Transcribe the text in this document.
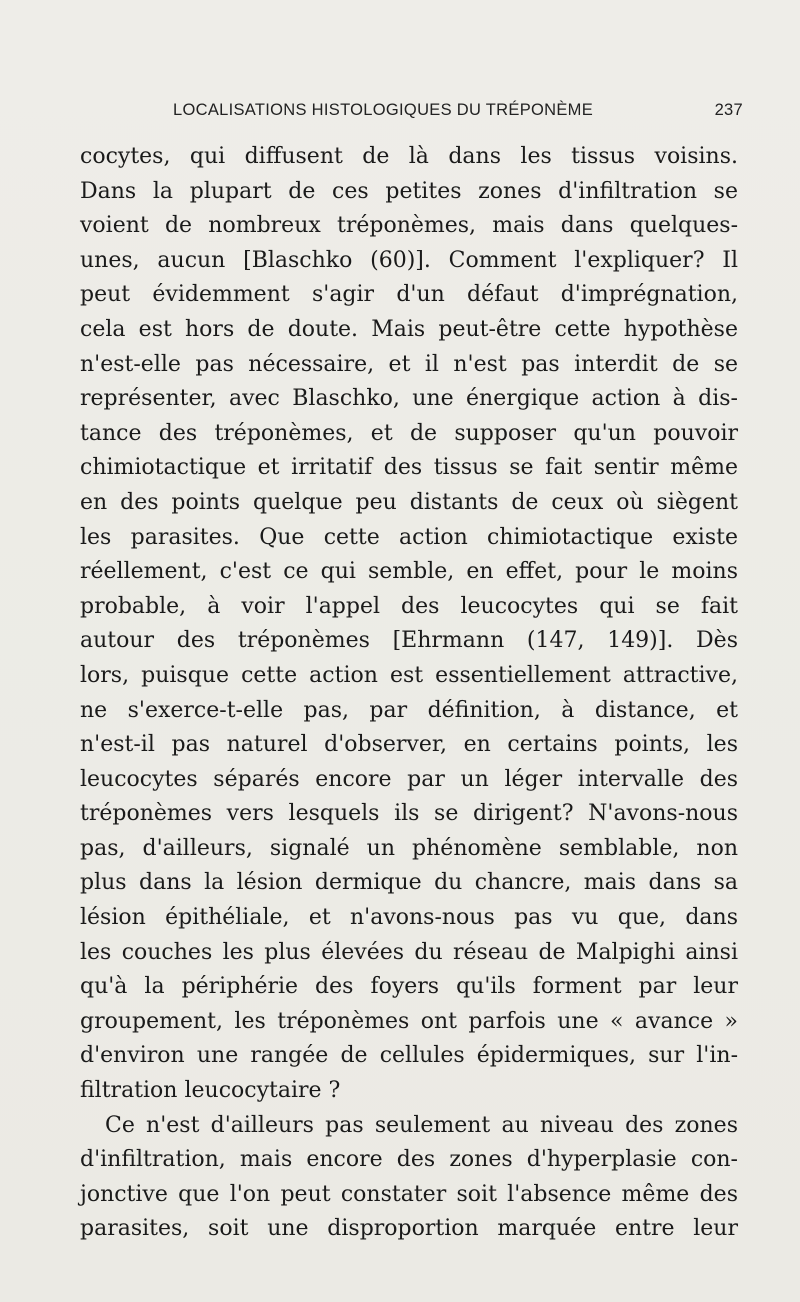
LOCALISATIONS HISTOLOGIQUES DU TRÉPONÈME	237
cocytes, qui diffusent de là dans les tissus voisins.
Dans la plupart de ces petites zones d'infiltration se
voient de nombreux tréponèmes, mais dans quelques-
unes, aucun [Blaschko (60)]. Comment l'expliquer? Il
peut évidemment s'agir d'un défaut d'imprégnation,
cela est hors de doute. Mais peut-être cette hypothèse
n'est-elle pas nécessaire, et il n'est pas interdit de se
représenter, avec Blaschko, une énergique action à dis-
tance des tréponèmes, et de supposer qu'un pouvoir
chimiotactique et irritatif des tissus se fait sentir même
en des points quelque peu distants de ceux où siègent
les parasites. Que cette action chimiotactique existe
réellement, c'est ce qui semble, en effet, pour le moins
probable, à voir l'appel des leucocytes qui se fait
autour des tréponèmes [Ehrmann (147, 149)]. Dès
lors, puisque cette action est essentiellement attractive,
ne s'exerce-t-elle pas, par définition, à distance, et
n'est-il pas naturel d'observer, en certains points, les
leucocytes séparés encore par un léger intervalle des
tréponèmes vers lesquels ils se dirigent? N'avons-nous
pas, d'ailleurs, signalé un phénomène semblable, non
plus dans la lésion dermique du chancre, mais dans sa
lésion épithéliale, et n'avons-nous pas vu que, dans
les couches les plus élevées du réseau de Malpighi ainsi
qu'à la périphérie des foyers qu'ils forment par leur
groupement, les tréponèmes ont parfois une « avance »
d'environ une rangée de cellules épidermiques, sur l'in-
filtration leucocytaire ?
Ce n'est d'ailleurs pas seulement au niveau des zones
d'infiltration, mais encore des zones d'hyperplasie con-
jonctive que l'on peut constater soit l'absence même des
parasites, soit une disproportion marquée entre leur
